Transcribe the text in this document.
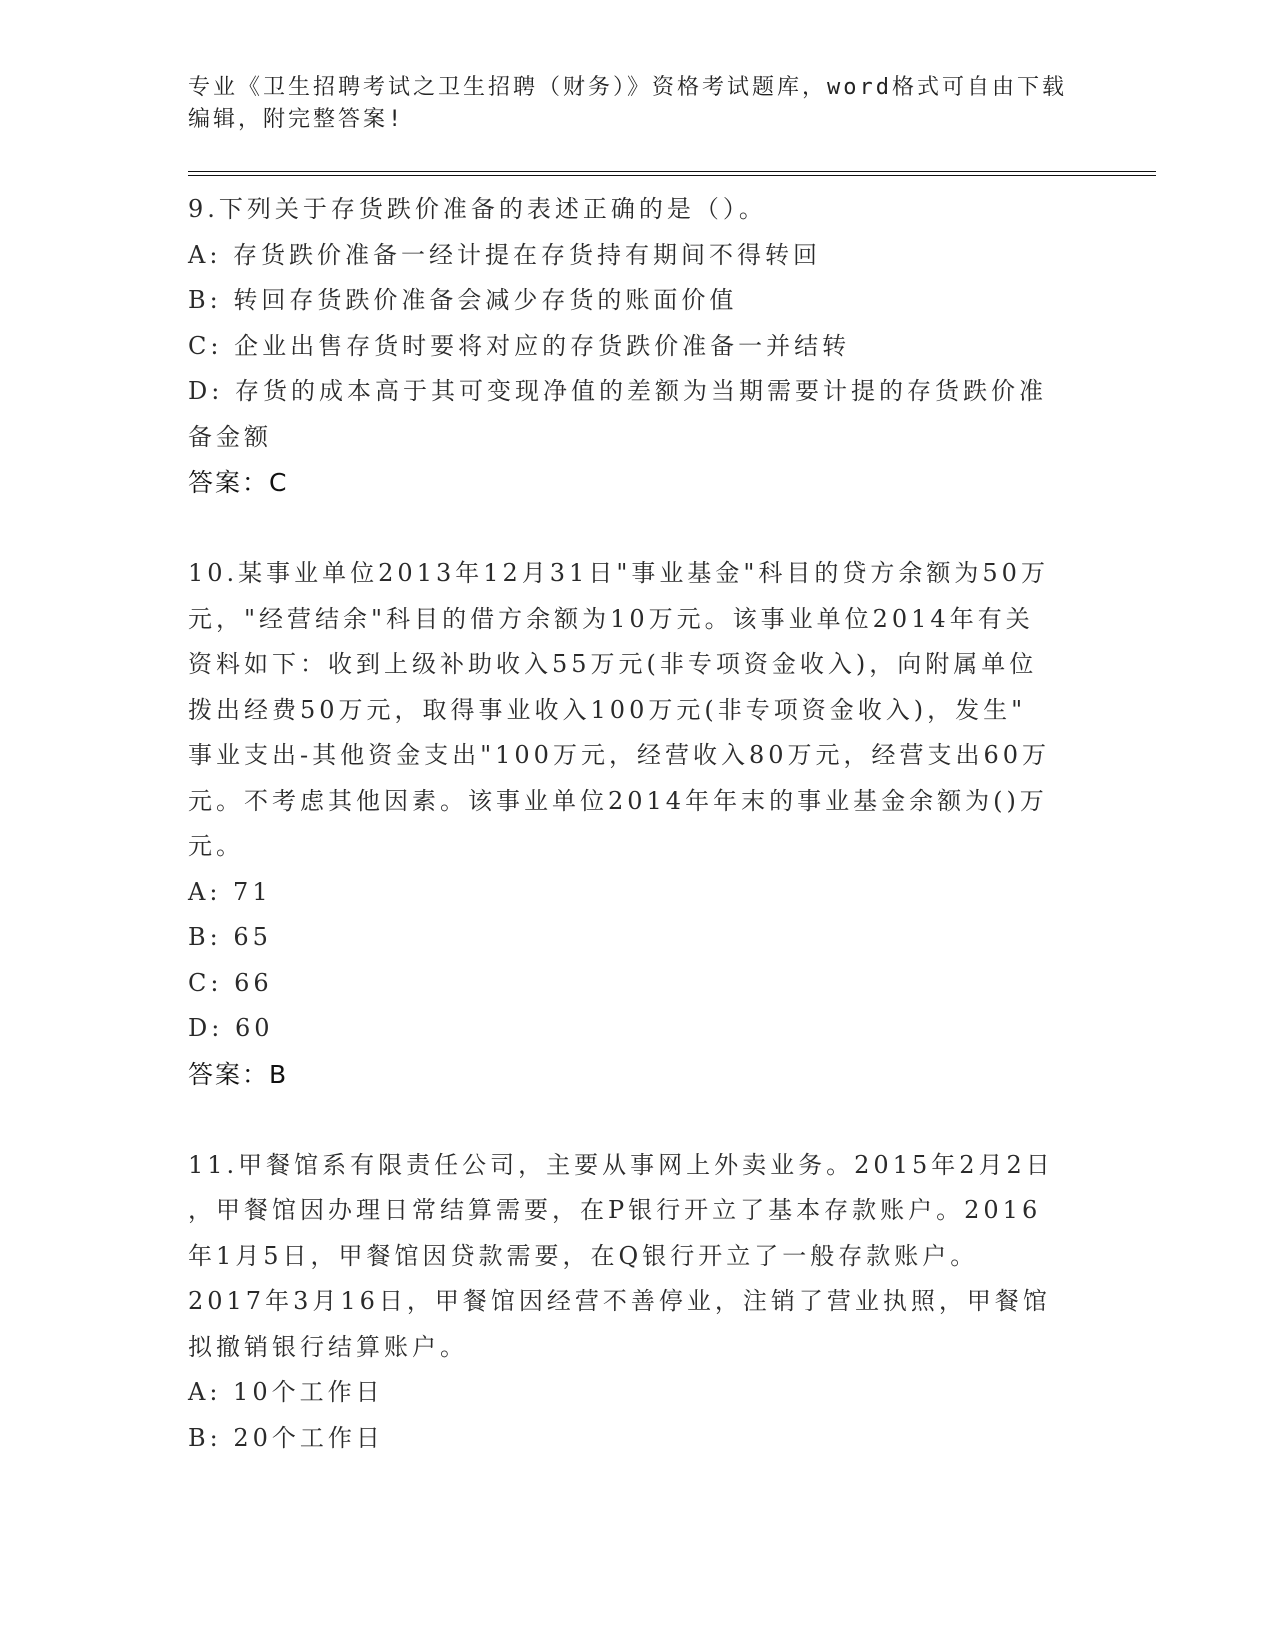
专业《卫生招聘考试之卫生招聘（财务）》资格考试题库，word格式可自由下载
编辑，附完整答案!
9.下列关于存货跌价准备的表述正确的是（）。
A: 存货跌价准备一经计提在存货持有期间不得转回
B: 转回存货跌价准备会减少存货的账面价值
C: 企业出售存货时要将对应的存货跌价准备一并结转
D: 存货的成本高于其可变现净值的差额为当期需要计提的存货跌价准
备金额
答案：C
10.某事业单位2013年12月31日"事业基金"科目的贷方余额为50万
元，"经营结余"科目的借方余额为10万元。该事业单位2014年有关
资料如下：收到上级补助收入55万元(非专项资金收入)，向附属单位
拨出经费50万元，取得事业收入100万元(非专项资金收入)，发生"
事业支出-其他资金支出"100万元，经营收入80万元，经营支出60万
元。不考虑其他因素。该事业单位2014年年末的事业基金余额为()万
元。
A: 71
B: 65
C: 66
D: 60
答案：B
11.甲餐馆系有限责任公司，主要从事网上外卖业务。2015年2月2日
，甲餐馆因办理日常结算需要，在P银行开立了基本存款账户。2016
年1月5日，甲餐馆因贷款需要，在Q银行开立了一般存款账户。
2017年3月16日，甲餐馆因经营不善停业，注销了营业执照，甲餐馆
拟撤销银行结算账户。
A: 10个工作日
B: 20个工作日
